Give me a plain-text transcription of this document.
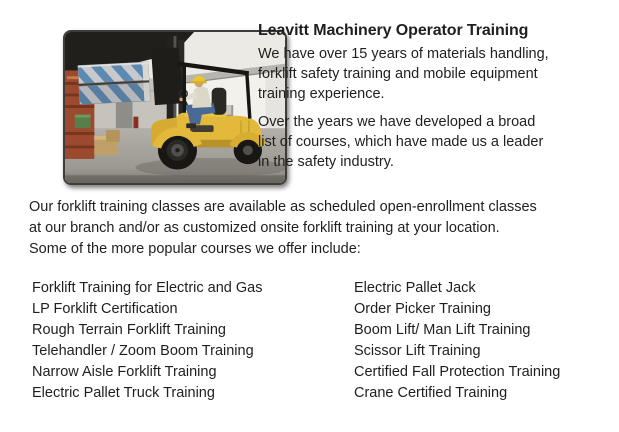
Leavitt Machinery Operator Training
We have over 15 years of materials handling,
forklift safety training and mobile equipment
training experience.
Over the years we have developed a broad
list of courses, which have made us a leader
in the safety industry.
Our forklift training classes are available as scheduled open-enrollment classes
at our branch and/or as customized onsite forklift training at your location.
Some of the more popular courses we offer include:
Forklift Training for Electric and Gas
LP Forklift Certification
Rough Terrain Forklift Training
Telehandler / Zoom Boom Training
Narrow Aisle Forklift Training
Electric Pallet Truck Training
Electric Pallet Jack
Order Picker Training
Boom Lift/ Man Lift Training
Scissor Lift Training
Certified Fall Protection Training
Crane Certified Training
